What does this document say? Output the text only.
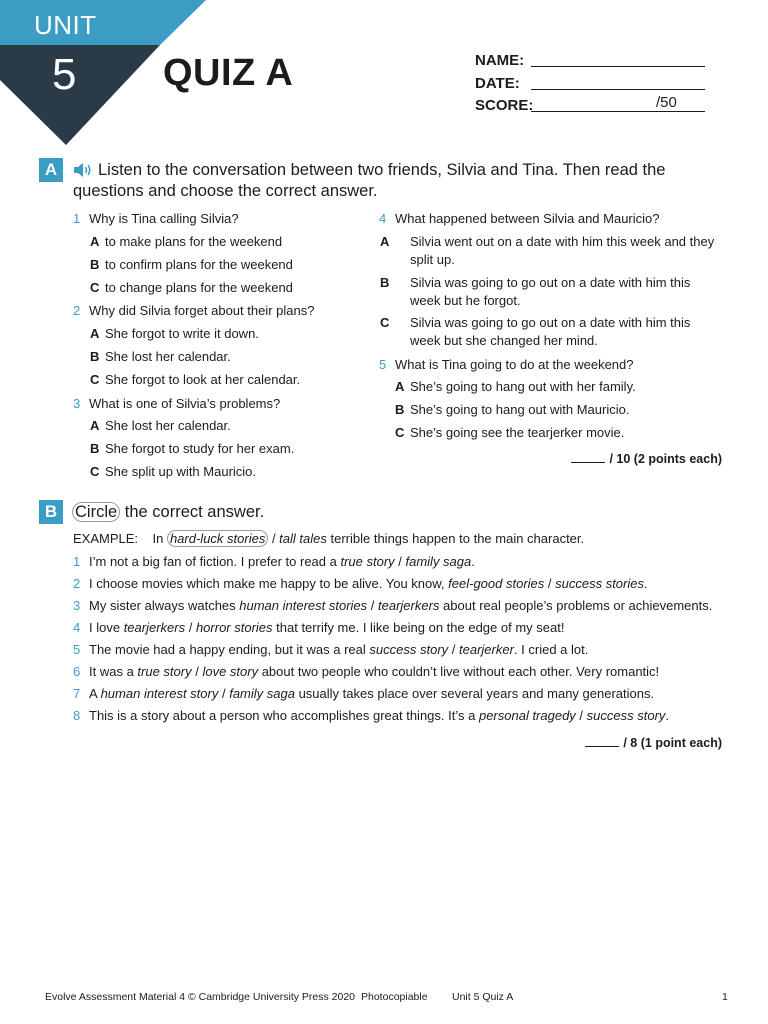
UNIT
5 QUIZ A	NAME:
DATE:
SCORE:	/50
A	Listen to the conversation between two friends, Silvia and Tina. Then read the
questions and choose the correct answer.
1 Why is Tina calling Silvia?
A to make plans for the weekend
B to confirm plans for the weekend
C to change plans for the weekend
2 Why did Silvia forget about their plans?
A She forgot to write it down.
B She lost her calendar.
C She forgot to look at her calendar.
3 What is one of Silvia’s problems?
A She lost her calendar.
B She forgot to study for her exam.
C She split up with Mauricio.
4 What happened between Silvia and Mauricio?
A Silvia went out on a date with him this week and they split up.
B Silvia was going to go out on a date with him this week but he forgot.
C Silvia was going to go out on a date with him this week but she changed her mind.
5 What is Tina going to do at the weekend?
A She’s going to hang out with her family.
B She’s going to hang out with Mauricio.
C She’s going see the tearjerker movie.
/ 10 (2 points each)
B	Circle the correct answer.
EXAMPLE: In hard-luck stories / tall tales terrible things happen to the main character.
1 I’m not a big fan of fiction. I prefer to read a true story / family saga.
2 I choose movies which make me happy to be alive. You know, feel-good stories / success stories.
3 My sister always watches human interest stories / tearjerkers about real people’s problems or achievements.
4 I love tearjerkers / horror stories that terrify me. I like being on the edge of my seat!
5 The movie had a happy ending, but it was a real success story / tearjerker. I cried a lot.
6 It was a true story / love story about two people who couldn’t live without each other. Very romantic!
7 A human interest story / family saga usually takes place over several years and many generations.
8 This is a story about a person who accomplishes great things. It’s a personal tragedy / success story.
/ 8 (1 point each)
Evolve Assessment Material 4 © Cambridge University Press 2020 Photocopiable Unit 5 Quiz A	1
